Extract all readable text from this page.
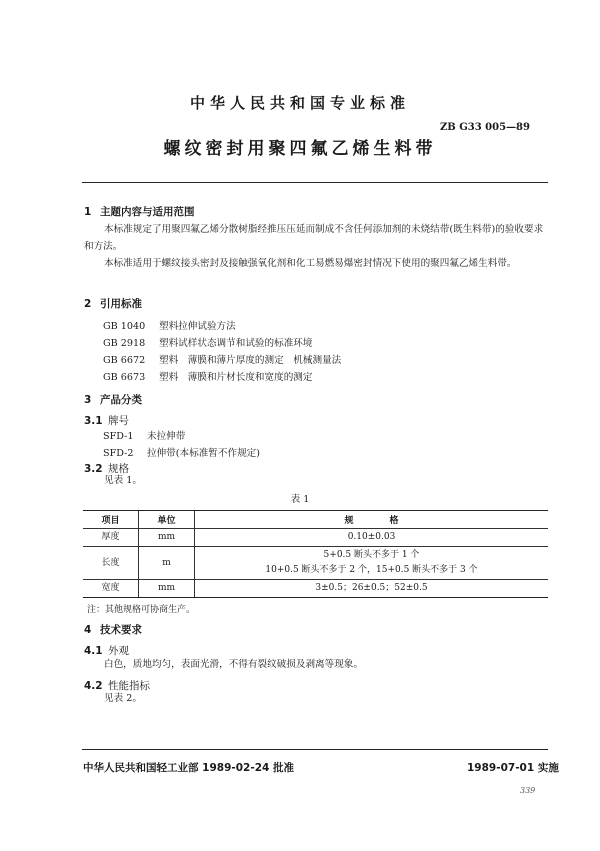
中华人民共和国专业标准
ZB G33 005—89
螺纹密封用聚四氟乙烯生料带
1 主题内容与适用范围
本标准规定了用聚四氟乙烯分散树脂经推压压延而制成不含任何添加剂的未烧结带(既生料带)的验收要求和方法。
本标准适用于螺纹接头密封及接触强氧化剂和化工易燃易爆密封情况下使用的聚四氟乙烯生料带。
2 引用标准
GB 1040 塑料拉伸试验方法
GB 2918 塑料试样状态调节和试验的标准环境
GB 6672 塑料　薄膜和薄片厚度的测定　机械测量法
GB 6673 塑料　薄膜和片材长度和宽度的测定
3 产品分类
3.1 牌号
SFD-1 未拉伸带
SFD-2 拉伸带(本标准暂不作规定)
3.2 规格
见表 1。
表 1
项目	单位	规　　　　格
厚度	mm	0.10±0.03
长度	m	5+0.5 断头不多于 1 个
10+0.5 断头不多于 2 个，15+0.5 断头不多于 3 个

宽度	mm	3±0.5；26±0.5；52±0.5
注：其他规格可协商生产。
4 技术要求
4.1 外观
白色，质地均匀，表面光滑，不得有裂纹破损及剥离等现象。
4.2 性能指标
见表 2。
中华人民共和国轻工业部 1989-02-24 批准	1989-07-01 实施
339
